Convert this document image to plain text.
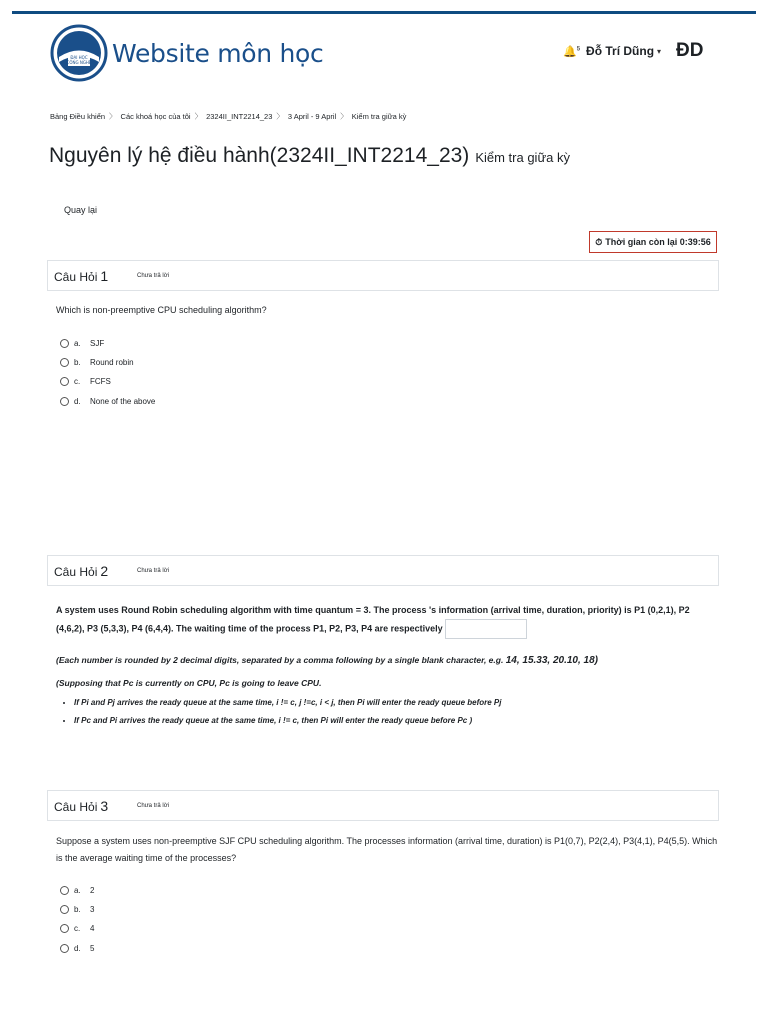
ĐẠI HỌC
CÔNG NGHỆ Website môn học	🔔$^5$ Đỗ Trí Dũng ▾ ĐD
Bảng Điều khiển 〉 Các khoá học của tôi 〉 2324II_INT2214_23 〉 3 April - 9 April 〉 Kiểm tra giữa kỳ
Nguyên lý hệ điều hành(2324II_INT2214_23) Kiểm tra giữa kỳ
Quay lại
⏱ Thời gian còn lại 0:39:56
Câu Hỏi 1	Chưa trả lời
Which is non-preemptive CPU scheduling algorithm?
a.	SJF
b.	Round robin
c.	FCFS
d.	None of the above
Câu Hỏi 2	Chưa trả lời
A system uses Round Robin scheduling algorithm with time quantum = 3. The process 's information (arrival time, duration, priority) is P1 (0,2,1), P2 (4,6,2), P3 (5,3,3), P4 (6,4,4). The waiting time of the process P1, P2, P3, P4 are respectively
(Each number is rounded by 2 decimal digits, separated by a comma following by a single blank character, e.g. 14, 15.33, 20.10, 18)
(Supposing that Pc is currently on CPU, Pc is going to leave CPU.
• If Pi and Pj arrives the ready queue at the same time, i != c, j !=c, i < j, then Pi will enter the ready queue before Pj
• If Pc and Pi arrives the ready queue at the same time, i != c, then Pi will enter the ready queue before Pc )
Câu Hỏi 3	Chưa trả lời
Suppose a system uses non-preemptive SJF CPU scheduling algorithm. The processes information (arrival time, duration) is P1(0,7), P2(2,4), P3(4,1), P4(5,5). Which is the average waiting time of the processes?
a.	2
b.	3
c.	4
d.	5
